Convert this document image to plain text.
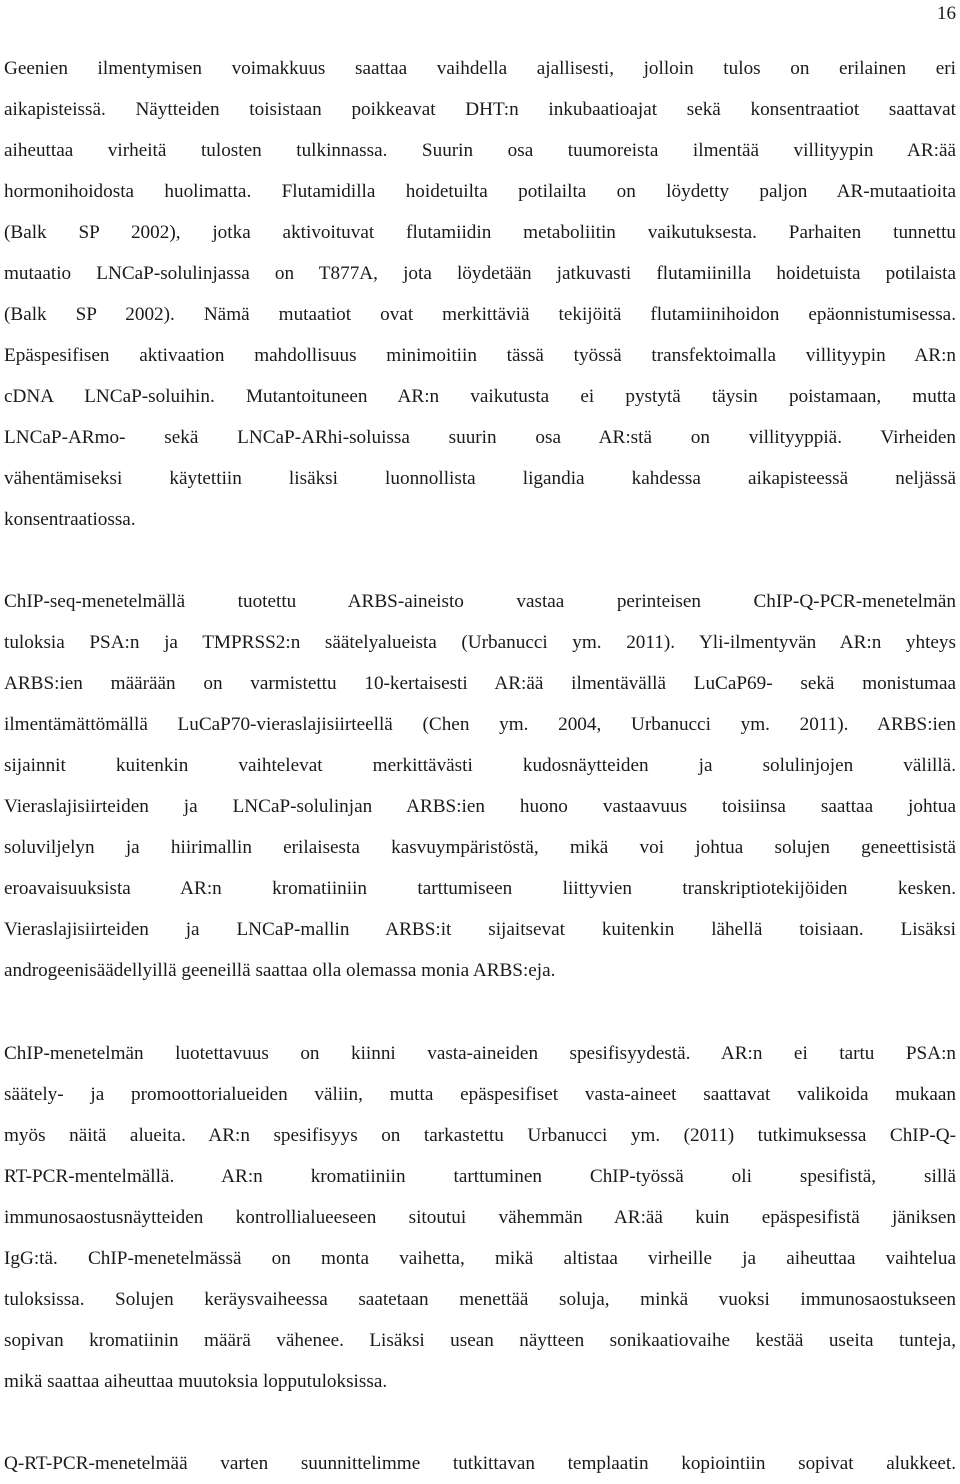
16
Geenien ilmentymisen voimakkuus saattaa vaihdella ajallisesti, jolloin tulos on erilainen eri
aikapisteissä. Näytteiden toisistaan poikkeavat DHT:n inkubaatioajat sekä konsentraatiot saattavat
aiheuttaa virheitä tulosten tulkinnassa. Suurin osa tuumoreista ilmentää villityypin AR:ää
hormonihoidosta huolimatta. Flutamidilla hoidetuilta potilailta on löydetty paljon AR-mutaatioita
(Balk SP 2002), jotka aktivoituvat flutamiidin metaboliitin vaikutuksesta. Parhaiten tunnettu
mutaatio LNCaP-solulinjassa on T877A, jota löydetään jatkuvasti flutamiinilla hoidetuista potilaista
(Balk SP 2002). Nämä mutaatiot ovat merkittäviä tekijöitä flutamiinihoidon epäonnistumisessa.
Epäspesifisen aktivaation mahdollisuus minimoitiin tässä työssä transfektoimalla villityypin AR:n
cDNA LNCaP-soluihin. Mutantoituneen AR:n vaikutusta ei pystytä täysin poistamaan, mutta
LNCaP-ARmo- sekä LNCaP-ARhi-soluissa suurin osa AR:stä on villityyppiä. Virheiden
vähentämiseksi käytettiin lisäksi luonnollista ligandia kahdessa aikapisteessä neljässä
konsentraatiossa.
ChIP-seq-menetelmällä tuotettu ARBS-aineisto vastaa perinteisen ChIP-Q-PCR-menetelmän
tuloksia PSA:n ja TMPRSS2:n säätelyalueista (Urbanucci ym. 2011). Yli-ilmentyvän AR:n yhteys
ARBS:ien määrään on varmistettu 10-kertaisesti AR:ää ilmentävällä LuCaP69- sekä monistumaa
ilmentämättömällä LuCaP70-vieraslajisiirteellä (Chen ym. 2004, Urbanucci ym. 2011). ARBS:ien
sijainnit kuitenkin vaihtelevat merkittävästi kudosnäytteiden ja solulinjojen välillä.
Vieraslajisiirteiden ja LNCaP-solulinjan ARBS:ien huono vastaavuus toisiinsa saattaa johtua
soluviljelyn ja hiirimallin erilaisesta kasvuympäristöstä, mikä voi johtua solujen geneettisistä
eroavaisuuksista AR:n kromatiiniin tarttumiseen liittyvien transkriptiotekijöiden kesken.
Vieraslajisiirteiden ja LNCaP-mallin ARBS:it sijaitsevat kuitenkin lähellä toisiaan. Lisäksi
androgeenisäädellyillä geeneillä saattaa olla olemassa monia ARBS:eja.
ChIP-menetelmän luotettavuus on kiinni vasta-aineiden spesifisyydestä. AR:n ei tartu PSA:n
säätely- ja promoottorialueiden väliin, mutta epäspesifiset vasta-aineet saattavat valikoida mukaan
myös näitä alueita. AR:n spesifisyys on tarkastettu Urbanucci ym. (2011) tutkimuksessa ChIP-Q-
RT-PCR-mentelmällä. AR:n kromatiiniin tarttuminen ChIP-työssä oli spesifistä, sillä
immunosaostusnäytteiden kontrollialueeseen sitoutui vähemmän AR:ää kuin epäspesifistä jäniksen
IgG:tä. ChIP-menetelmässä on monta vaihetta, mikä altistaa virheille ja aiheuttaa vaihtelua
tuloksissa. Solujen keräysvaiheessa saatetaan menettää soluja, minkä vuoksi immunosaostukseen
sopivan kromatiinin määrä vähenee. Lisäksi usean näytteen sonikaatiovaihe kestää useita tunteja,
mikä saattaa aiheuttaa muutoksia lopputuloksissa.
Q-RT-PCR-menetelmää varten suunnittelimme tutkittavan templaatin kopiointiin sopivat alukkeet.
